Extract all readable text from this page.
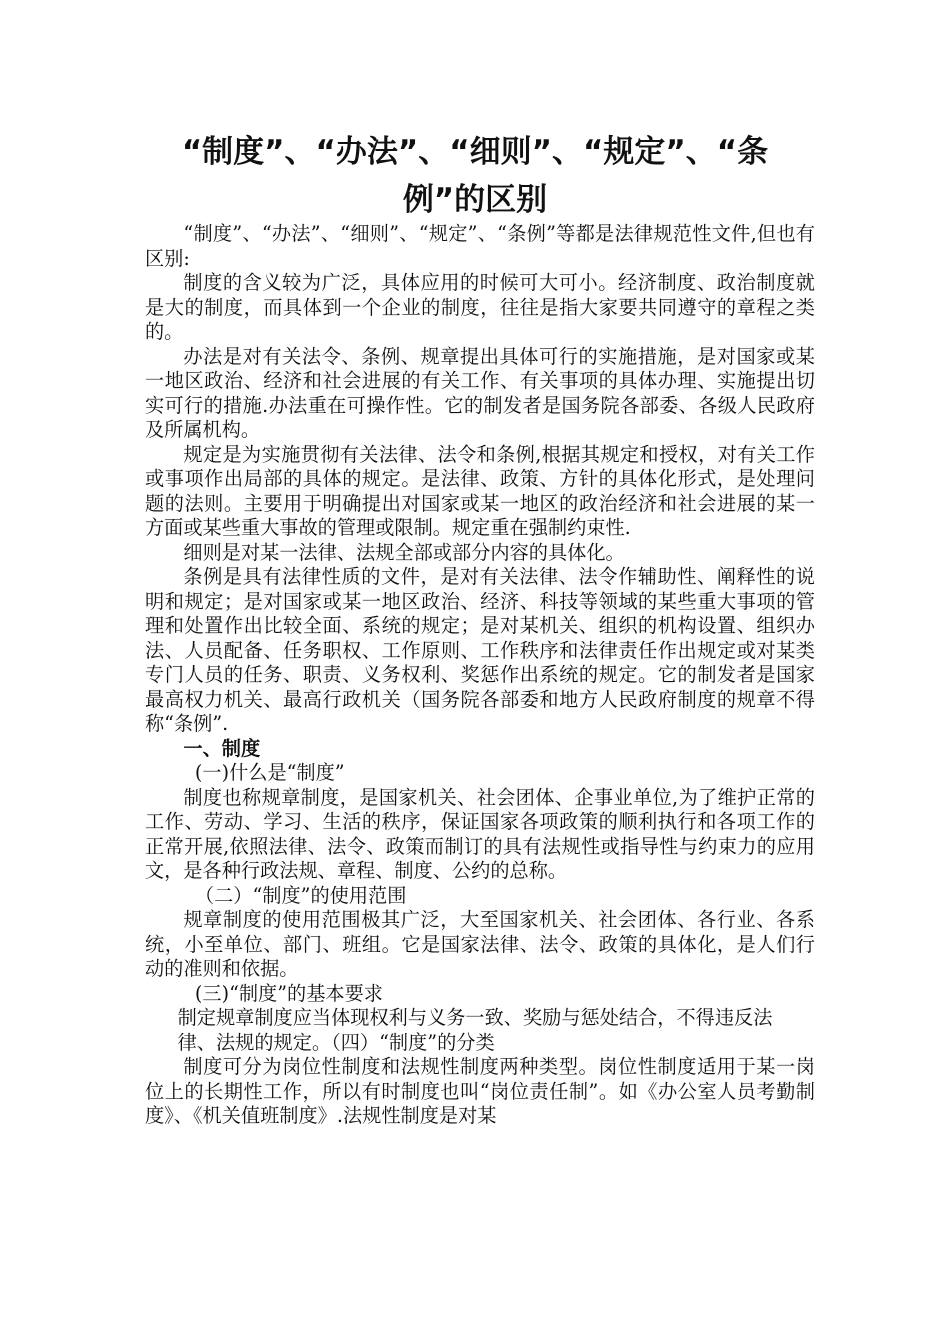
“制度”、“办法”、“细则”、“规定”、“条
例”的区别

“制度”、“办法”、“细则”、“规定”、“条例”等都是法律规范性文件,但也有区别:

制度的含义较为广泛，具体应用的时候可大可小。经济制度、政治制度就是大的制度，而具体到一个企业的制度，往往是指大家要共同遵守的章程之类的。

办法是对有关法令、条例、规章提出具体可行的实施措施，是对国家或某一地区政治、经济和社会进展的有关工作、有关事项的具体办理、实施提出切实可行的措施.办法重在可操作性。它的制发者是国务院各部委、各级人民政府及所属机构。

规定是为实施贯彻有关法律、法令和条例,根据其规定和授权，对有关工作或事项作出局部的具体的规定。是法律、政策、方针的具体化形式，是处理问题的法则。主要用于明确提出对国家或某一地区的政治经济和社会进展的某一方面或某些重大事故的管理或限制。规定重在强制约束性.

细则是对某一法律、法规全部或部分内容的具体化。

条例是具有法律性质的文件，是对有关法律、法令作辅助性、阐释性的说明和规定；是对国家或某一地区政治、经济、科技等领域的某些重大事项的管理和处置作出比较全面、系统的规定；是对某机关、组织的机构设置、组织办法、人员配备、任务职权、工作原则、工作秩序和法律责任作出规定或对某类专门人员的任务、职责、义务权利、奖惩作出系统的规定。它的制发者是国家最高权力机关、最高行政机关（国务院各部委和地方人民政府制度的规章不得称“条例”.

一、制度

(一)什么是“制度”

制度也称规章制度，是国家机关、社会团体、企事业单位,为了维护正常的工作、劳动、学习、生活的秩序，保证国家各项政策的顺利执行和各项工作的正常开展,依照法律、法令、政策而制订的具有法规性或指导性与约束力的应用文，是各种行政法规、章程、制度、公约的总称。

（二）“制度”的使用范围

规章制度的使用范围极其广泛，大至国家机关、社会团体、各行业、各系统，小至单位、部门、班组。它是国家法律、法令、政策的具体化，是人们行动的准则和依据。

(三)“制度”的基本要求

制定规章制度应当体现权利与义务一致、奖励与惩处结合，不得违反法律、法规的规定。（四）“制度”的分类

制度可分为岗位性制度和法规性制度两种类型。岗位性制度适用于某一岗位上的长期性工作，所以有时制度也叫“岗位责任制”。如《办公室人员考勤制度》、《机关值班制度》.法规性制度是对某
